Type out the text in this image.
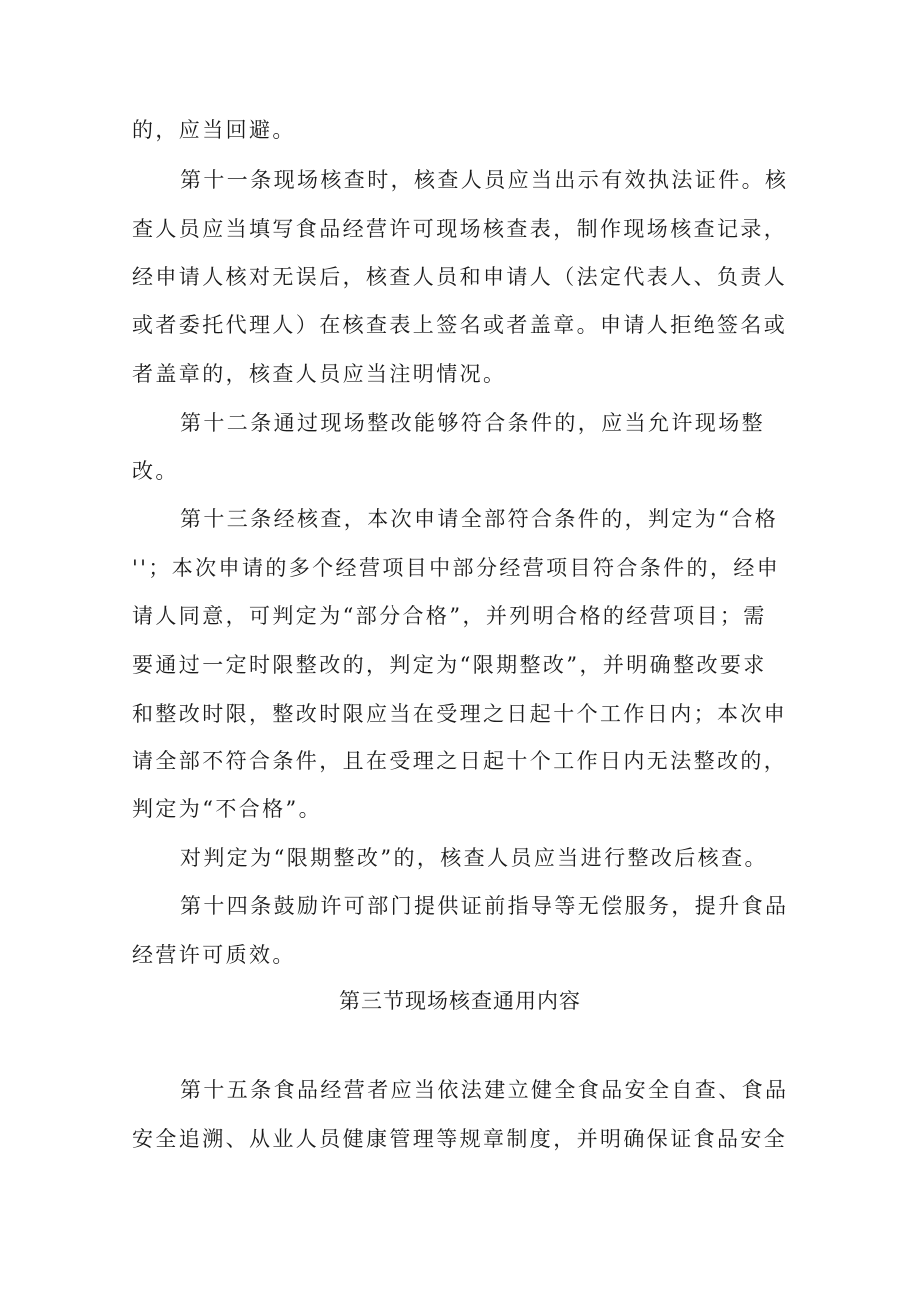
的，应当回避。
第十一条现场核查时，核查人员应当出示有效执法证件。核
查人员应当填写食品经营许可现场核查表，制作现场核查记录，
经申请人核对无误后，核查人员和申请人（法定代表人、负责人
或者委托代理人）在核查表上签名或者盖章。申请人拒绝签名或
者盖章的，核查人员应当注明情况。
第十二条通过现场整改能够符合条件的，应当允许现场整
改。
第十三条经核查，本次申请全部符合条件的，判定为“合格
''；本次申请的多个经营项目中部分经营项目符合条件的，经申
请人同意，可判定为“部分合格”，并列明合格的经营项目；需
要通过一定时限整改的，判定为“限期整改”，并明确整改要求
和整改时限，整改时限应当在受理之日起十个工作日内；本次申
请全部不符合条件，且在受理之日起十个工作日内无法整改的，
判定为“不合格”。
对判定为“限期整改”的，核查人员应当进行整改后核查。
第十四条鼓励许可部门提供证前指导等无偿服务，提升食品
经营许可质效。
第三节现场核查通用内容
第十五条食品经营者应当依法建立健全食品安全自查、食品
安全追溯、从业人员健康管理等规章制度，并明确保证食品安全
